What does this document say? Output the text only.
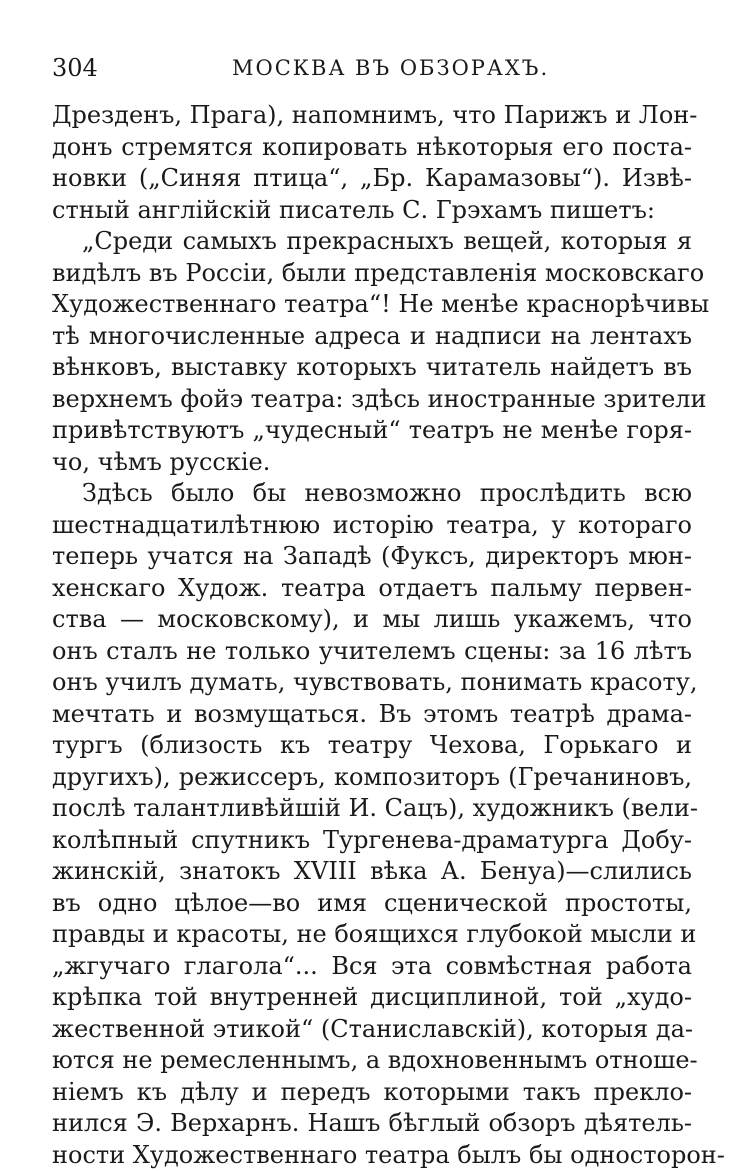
304	МОСКВА ВЪ ОБЗОРАХЪ.
Дрезденъ, Прага), напомнимъ, что Парижъ и Лон-
донъ стремятся копировать нѣкоторыя его поста-
новки („Синяя птица“, „Бр. Карамазовы“). Извѣ-
стный англійскій писатель С. Грэхамъ пишетъ:
„Среди самыхъ прекрасныхъ вещей, которыя я
видѣлъ въ Россіи, были представленія московскаго
Художественнаго театра“! Не менѣе краснорѣчивы
тѣ многочисленные адреса и надписи на лентахъ
вѣнковъ, выставку которыхъ читатель найдетъ въ
верхнемъ фойэ театра: здѣсь иностранные зрители
привѣтствуютъ „чудесный“ театръ не менѣе горя-
чо, чѣмъ русскіе.
Здѣсь было бы невозможно прослѣдить всю
шестнадцатилѣтнюю исторію театра, у котораго
теперь учатся на Западѣ (Фуксъ, директоръ мюн-
хенскаго Худож. театра отдаетъ пальму первен-
ства — московскому), и мы лишь укажемъ, что
онъ сталъ не только учителемъ сцены: за 16 лѣтъ
онъ училъ думать, чувствовать, понимать красоту,
мечтать и возмущаться. Въ этомъ театрѣ драма-
тургъ (близость къ театру Чехова, Горькаго и
другихъ), режиссеръ, композиторъ (Гречаниновъ,
послѣ талантливѣйшій И. Сацъ), художникъ (вели-
колѣпный спутникъ Тургенева-драматурга Добу-
жинскій, знатокъ XVIII вѣка А. Бенуа)—слились
въ одно цѣлое—во имя сценической простоты,
правды и красоты, не боящихся глубокой мысли и
„жгучаго глагола“... Вся эта совмѣстная работа
крѣпка той внутренней дисциплиной, той „худо-
жественной этикой“ (Станиславскій), которыя да-
ются не ремесленнымъ, а вдохновеннымъ отноше-
ніемъ къ дѣлу и передъ которыми такъ прекло-
нился Э. Верхарнъ. Нашъ бѣглый обзоръ дѣятель-
ности Художественнаго театра былъ бы односторон-
